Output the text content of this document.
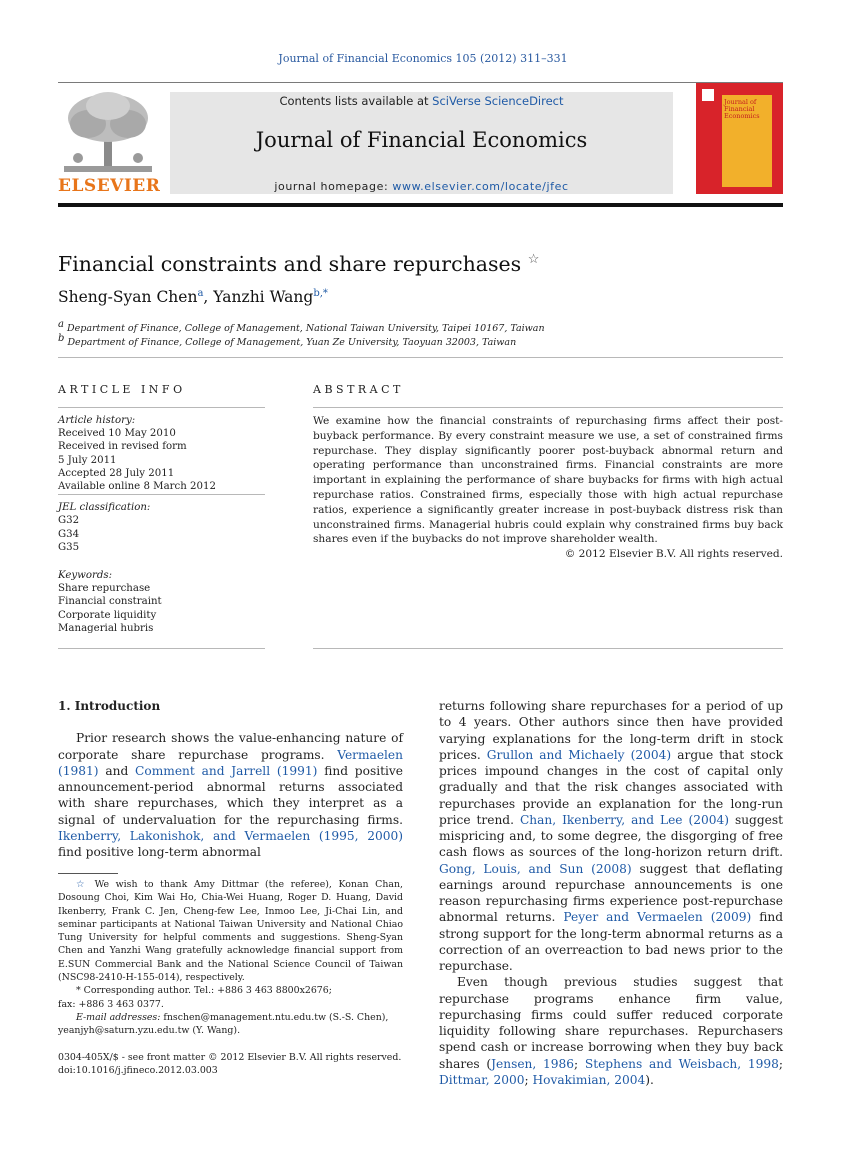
Journal of Financial Economics 105 (2012) 311–331
ELSEVIER
Contents lists available at SciVerse ScienceDirect
Journal of Financial Economics
journal homepage: www.elsevier.com/locate/jfec
Journal of Financial Economics
Financial constraints and share repurchases ☆
Sheng-Syan Chen$^a$, Yanzhi Wang$^{b,*}$
$^a$ Department of Finance, College of Management, National Taiwan University, Taipei 10167, Taiwan
$^b$ Department of Finance, College of Management, Yuan Ze University, Taoyuan 32003, Taiwan
ARTICLE INFO
Article history:
Received 10 May 2010
Received in revised form
5 July 2011
Accepted 28 July 2011
Available online 8 March 2012
JEL classification:
G32
G34
G35
Keywords:
Share repurchase
Financial constraint
Corporate liquidity
Managerial hubris
ABSTRACT
We examine how the financial constraints of repurchasing firms affect their post-buyback performance. By every constraint measure we use, a set of constrained firms repurchase. They display significantly poorer post-buyback abnormal return and operating performance than unconstrained firms. Financial constraints are more important in explaining the performance of share buybacks for firms with high actual repurchase ratios. Constrained firms, especially those with high actual repurchase ratios, experience a significantly greater increase in post-buyback distress risk than unconstrained firms. Managerial hubris could explain why constrained firms buy back shares even if the buybacks do not improve shareholder wealth.
© 2012 Elsevier B.V. All rights reserved.

1. Introduction

Prior research shows the value-enhancing nature of corporate share repurchase programs. Vermaelen (1981) and Comment and Jarrell (1991) find positive announcement-period abnormal returns associated with share repurchases, which they interpret as a signal of undervaluation for the repurchasing firms. Ikenberry, Lakonishok, and Vermaelen (1995, 2000) find positive long-term abnormal

☆ We wish to thank Amy Dittmar (the referee), Konan Chan, Dosoung Choi, Kim Wai Ho, Chia-Wei Huang, Roger D. Huang, David Ikenberry, Frank C. Jen, Cheng-few Lee, Inmoo Lee, Ji-Chai Lin, and seminar participants at National Taiwan University and National Chiao Tung University for helpful comments and suggestions. Sheng-Syan Chen and Yanzhi Wang gratefully acknowledge financial support from E.SUN Commercial Bank and the National Science Council of Taiwan (NSC98-2410-H-155-014), respectively.

* Corresponding author. Tel.: +886 3 463 8800x2676;

fax: +886 3 463 0377.

E-mail addresses: fnschen@management.ntu.edu.tw (S.-S. Chen),

yeanjyh@saturn.yzu.edu.tw (Y. Wang).

0304-405X/$ - see front matter © 2012 Elsevier B.V. All rights reserved.
doi:10.1016/j.jfineco.2012.03.003

returns following share repurchases for a period of up to 4 years. Other authors since then have provided varying explanations for the long-term drift in stock prices. Grullon and Michaely (2004) argue that stock prices impound changes in the cost of capital only gradually and that the risk changes associated with repurchases provide an explanation for the long-run price trend. Chan, Ikenberry, and Lee (2004) suggest mispricing and, to some degree, the disgorging of free cash flows as sources of the long-horizon return drift. Gong, Louis, and Sun (2008) suggest that deflating earnings around repurchase announcements is one reason repurchasing firms experience post-repurchase abnormal returns. Peyer and Vermaelen (2009) find strong support for the long-term abnormal returns as a correction of an overreaction to bad news prior to the repurchase.

Even though previous studies suggest that repurchase programs enhance firm value, repurchasing firms could suffer reduced corporate liquidity following share repurchases. Repurchasers spend cash or increase borrowing when they buy back shares (Jensen, 1986; Stephens and Weisbach, 1998; Dittmar, 2000; Hovakimian, 2004).
